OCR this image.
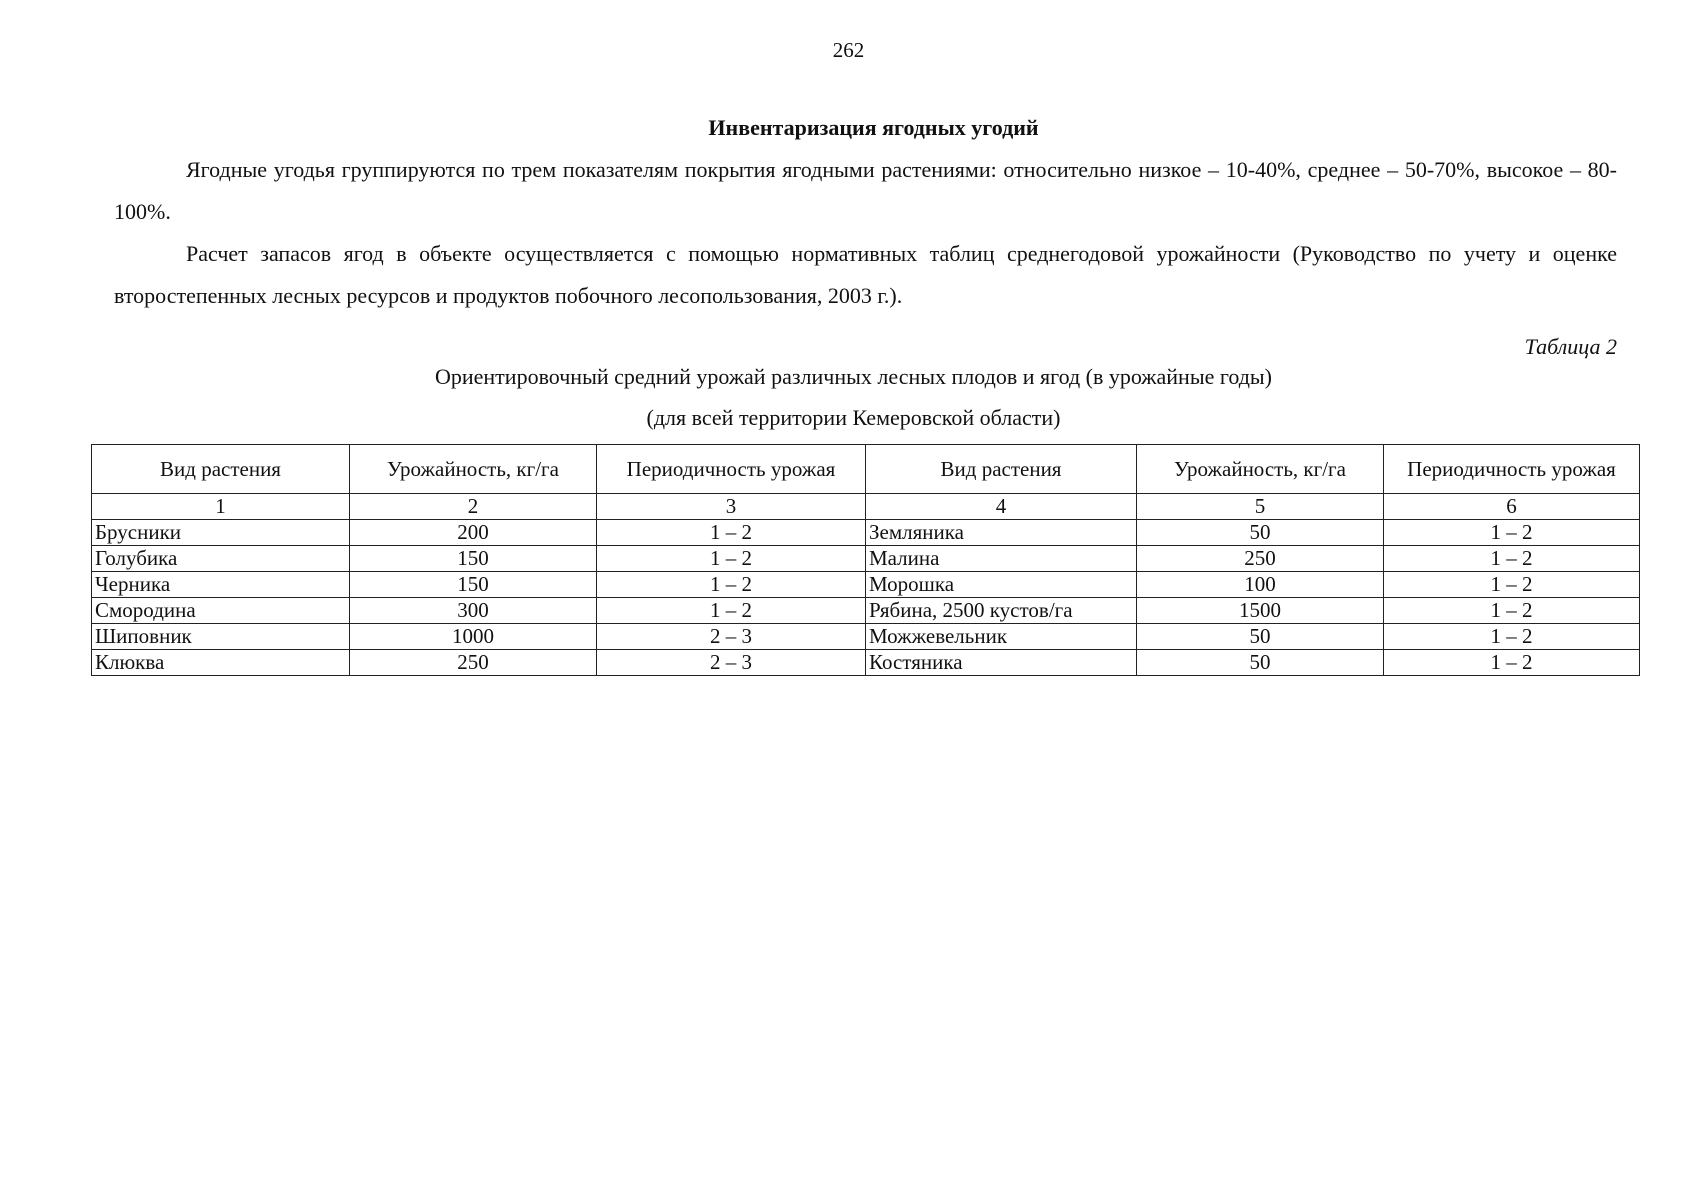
262
Инвентаризация ягодных угодий

Ягодные угодья группируются по трем показателям покрытия ягодными растениями: относительно низкое – 10-40%, среднее – 50-70%, высокое – 80-100%.

Расчет запасов ягод в объекте осуществляется с помощью нормативных таблиц среднегодовой урожайности (Руководство по учету и оценке второстепенных лесных ресурсов и продуктов побочного лесопользования, 2003 г.).

Таблица 2
Ориентировочный средний урожай различных лесных плодов и ягод (в урожайные годы)
(для всей территории Кемеровской области)
Вид растения	Урожайность, кг/га	Периодичность урожая	Вид растения	Урожайность, кг/га	Периодичность урожая
1	2	3	4	5	6
Брусники	200	1 – 2	Земляника	50	1 – 2
Голубика	150	1 – 2	Малина	250	1 – 2
Черника	150	1 – 2	Морошка	100	1 – 2
Смородина	300	1 – 2	Рябина, 2500 кустов/га	1500	1 – 2
Шиповник	1000	2 – 3	Можжевельник	50	1 – 2
Клюква	250	2 – 3	Костяника	50	1 – 2
